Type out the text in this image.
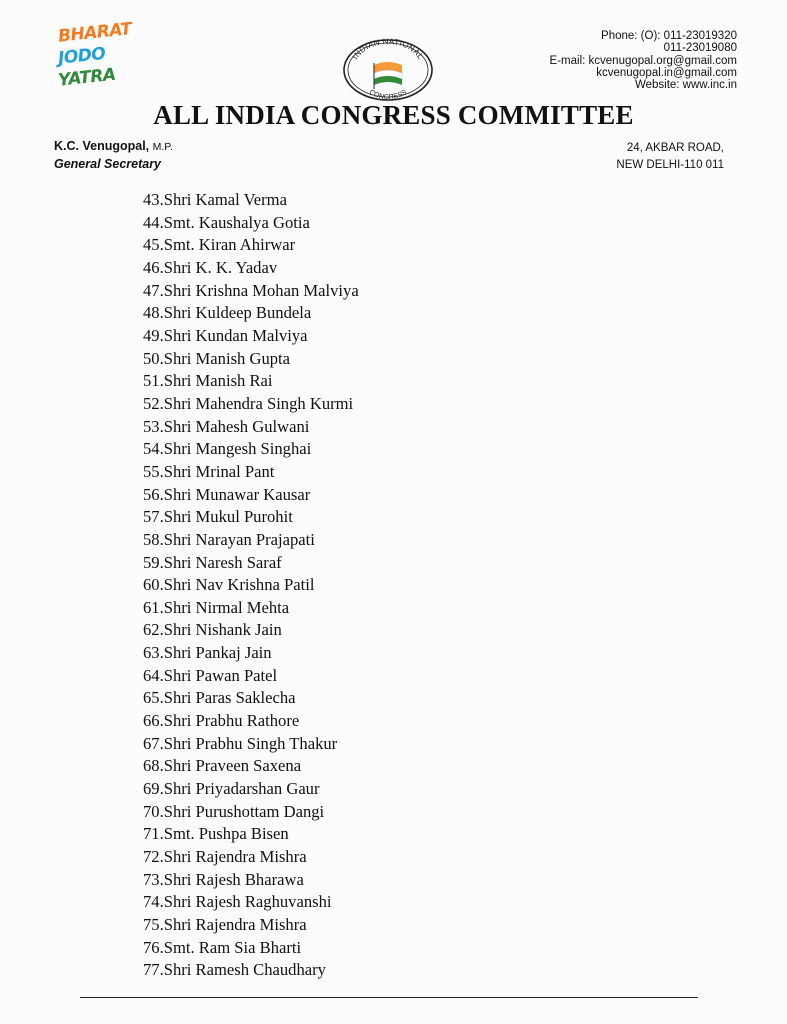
BHARAT
JODO
YATRA
INDIAN NATIONAL
CONGRESS
Phone: (O): 011-23019320
011-23019080
E-mail: kcvenugopal.org@gmail.com
kcvenugopal.in@gmail.com
Website: www.inc.in
ALL INDIA CONGRESS COMMITTEE
K.C. Venugopal, M.P.
General Secretary
24, AKBAR ROAD,
NEW DELHI-110 011
43.Shri Kamal Verma
44.Smt. Kaushalya Gotia
45.Smt. Kiran Ahirwar
46.Shri K. K. Yadav
47.Shri Krishna Mohan Malviya
48.Shri Kuldeep Bundela
49.Shri Kundan Malviya
50.Shri Manish Gupta
51.Shri Manish Rai
52.Shri Mahendra Singh Kurmi
53.Shri Mahesh Gulwani
54.Shri Mangesh Singhai
55.Shri Mrinal Pant
56.Shri Munawar Kausar
57.Shri Mukul Purohit
58.Shri Narayan Prajapati
59.Shri Naresh Saraf
60.Shri Nav Krishna Patil
61.Shri Nirmal Mehta
62.Shri Nishank Jain
63.Shri Pankaj Jain
64.Shri Pawan Patel
65.Shri Paras Saklecha
66.Shri Prabhu Rathore
67.Shri Prabhu Singh Thakur
68.Shri Praveen Saxena
69.Shri Priyadarshan Gaur
70.Shri Purushottam Dangi
71.Smt. Pushpa Bisen
72.Shri Rajendra Mishra
73.Shri Rajesh Bharawa
74.Shri Rajesh Raghuvanshi
75.Shri Rajendra Mishra
76.Smt. Ram Sia Bharti
77.Shri Ramesh Chaudhary
